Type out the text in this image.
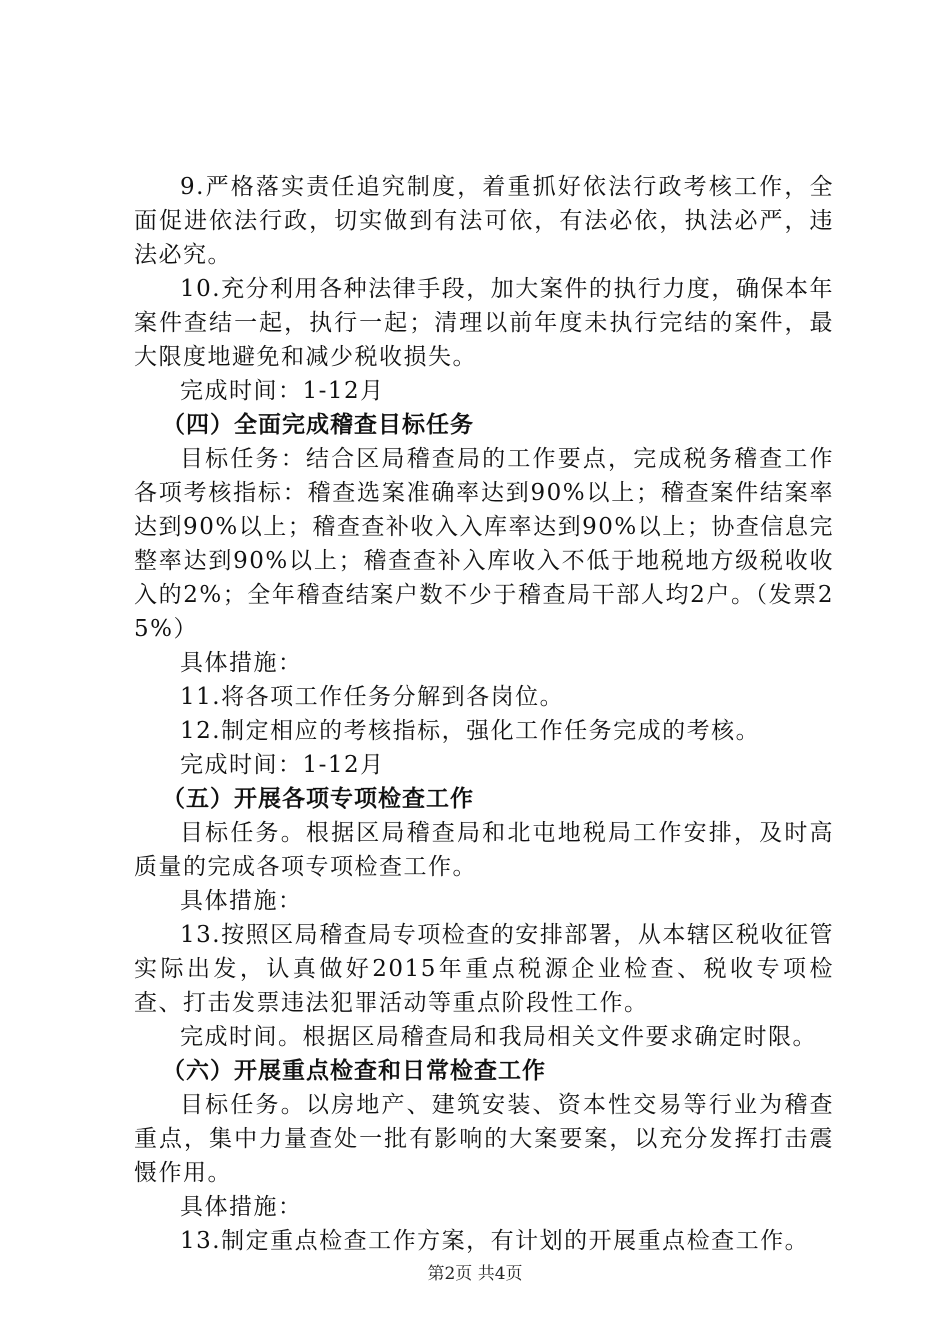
9.严格落实责任追究制度，着重抓好依法行政考核工作，全面促进依法行政，切实做到有法可依，有法必依，执法必严，违法必究。

10.充分利用各种法律手段，加大案件的执行力度，确保本年案件查结一起，执行一起；清理以前年度未执行完结的案件，最大限度地避免和减少税收损失。

完成时间：1-12月

（四）全面完成稽查目标任务

目标任务：结合区局稽查局的工作要点，完成税务稽查工作各项考核指标：稽查选案准确率达到90%以上；稽查案件结案率达到90%以上；稽查查补收入入库率达到90%以上；协查信息完整率达到90%以上；稽查查补入库收入不低于地税地方级税收收入的2%；全年稽查结案户数不少于稽查局干部人均2户。（发票25%）

具体措施：

11.将各项工作任务分解到各岗位。

12.制定相应的考核指标，强化工作任务完成的考核。

完成时间：1-12月

（五）开展各项专项检查工作

目标任务。根据区局稽查局和北屯地税局工作安排，及时高质量的完成各项专项检查工作。

具体措施：

13.按照区局稽查局专项检查的安排部署，从本辖区税收征管实际出发，认真做好2015年重点税源企业检查、税收专项检查、打击发票违法犯罪活动等重点阶段性工作。

完成时间。根据区局稽查局和我局相关文件要求确定时限。

（六）开展重点检查和日常检查工作

目标任务。以房地产、建筑安装、资本性交易等行业为稽查重点，集中力量查处一批有影响的大案要案，以充分发挥打击震慑作用。

具体措施：

13.制定重点检查工作方案，有计划的开展重点检查工作。

第2页 共4页
